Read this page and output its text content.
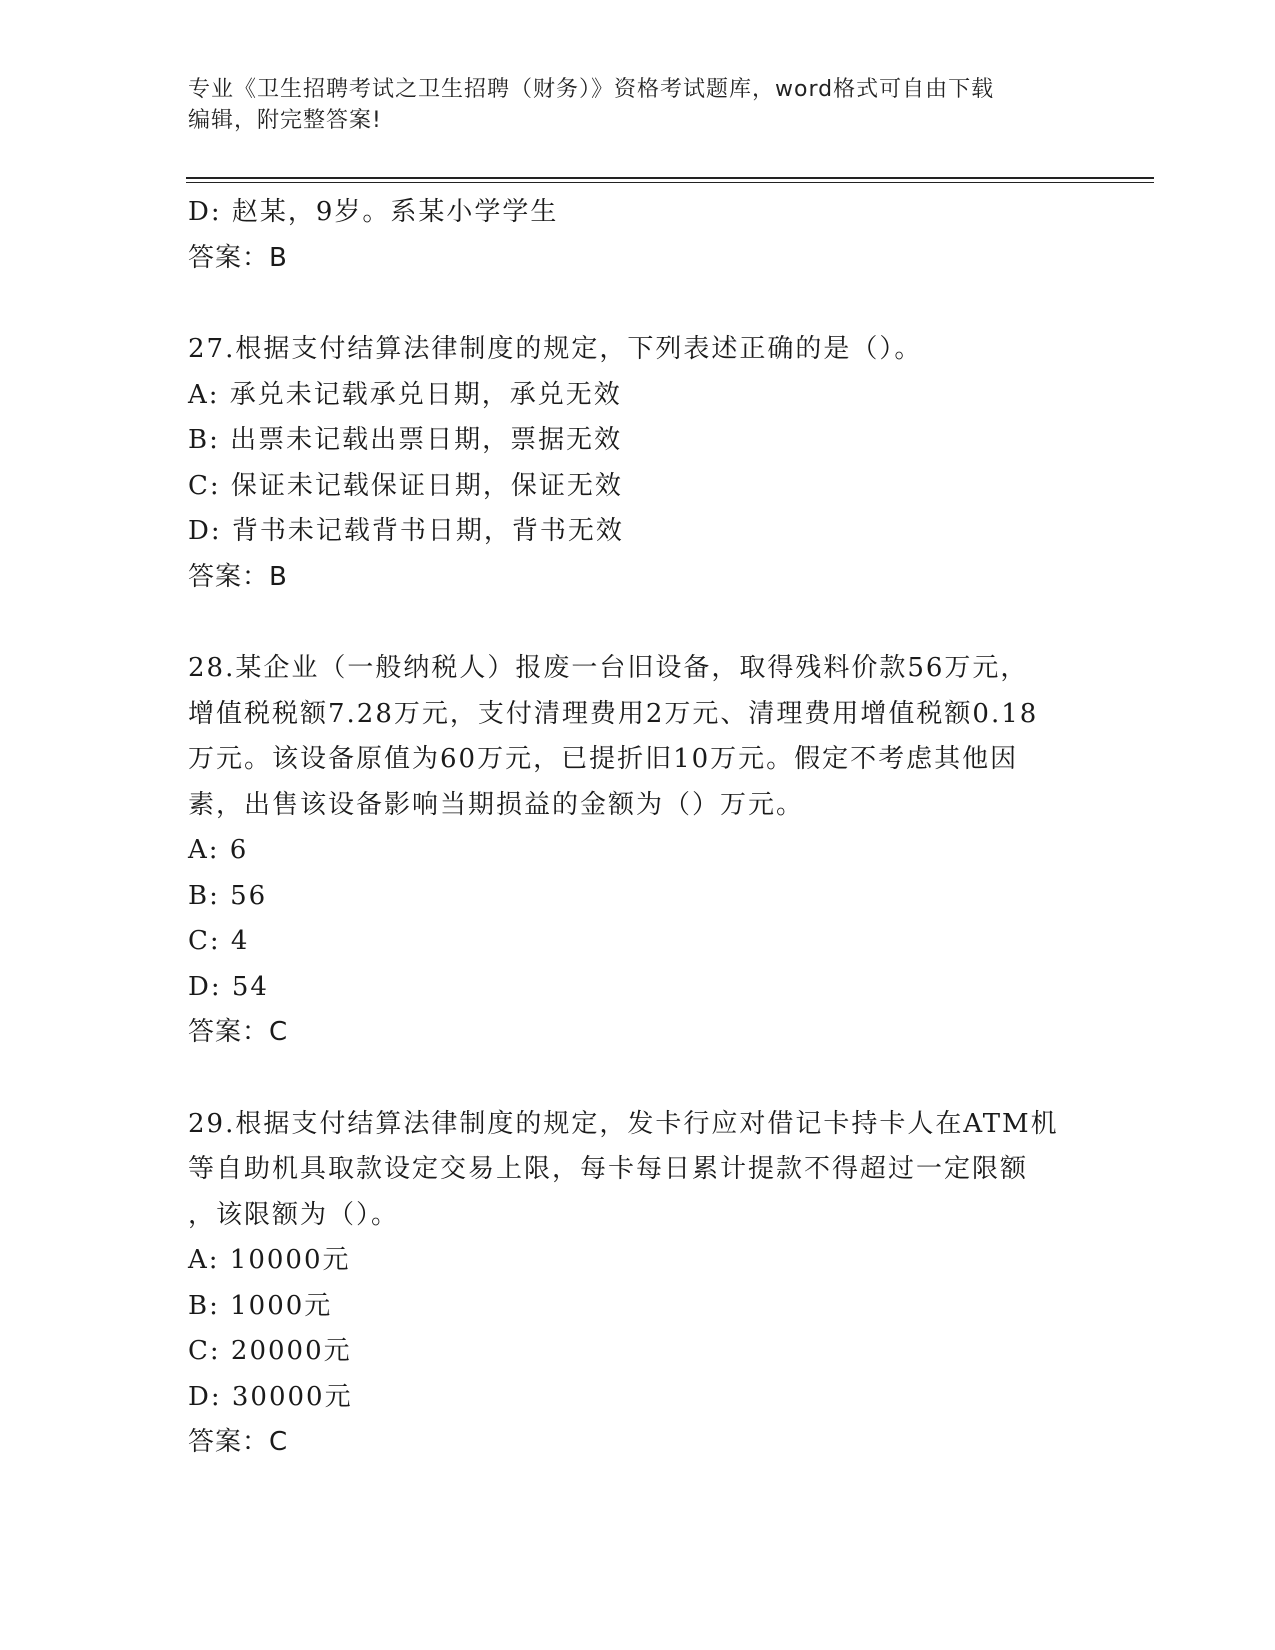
专业《卫生招聘考试之卫生招聘（财务）》资格考试题库，word格式可自由下载
编辑，附完整答案!
D: 赵某，9岁。系某小学学生
答案：B
27.根据支付结算法律制度的规定，下列表述正确的是（）。
A: 承兑未记载承兑日期，承兑无效
B: 出票未记载出票日期，票据无效
C: 保证未记载保证日期，保证无效
D: 背书未记载背书日期，背书无效
答案：B
28.某企业（一般纳税人）报废一台旧设备，取得残料价款56万元，
增值税税额7.28万元，支付清理费用2万元、清理费用增值税额0.18
万元。该设备原值为60万元，已提折旧10万元。假定不考虑其他因
素，出售该设备影响当期损益的金额为（）万元。
A: 6
B: 56
C: 4
D: 54
答案：C
29.根据支付结算法律制度的规定，发卡行应对借记卡持卡人在ATM机
等自助机具取款设定交易上限，每卡每日累计提款不得超过一定限额
，该限额为（）。
A: 10000元
B: 1000元
C: 20000元
D: 30000元
答案：C
